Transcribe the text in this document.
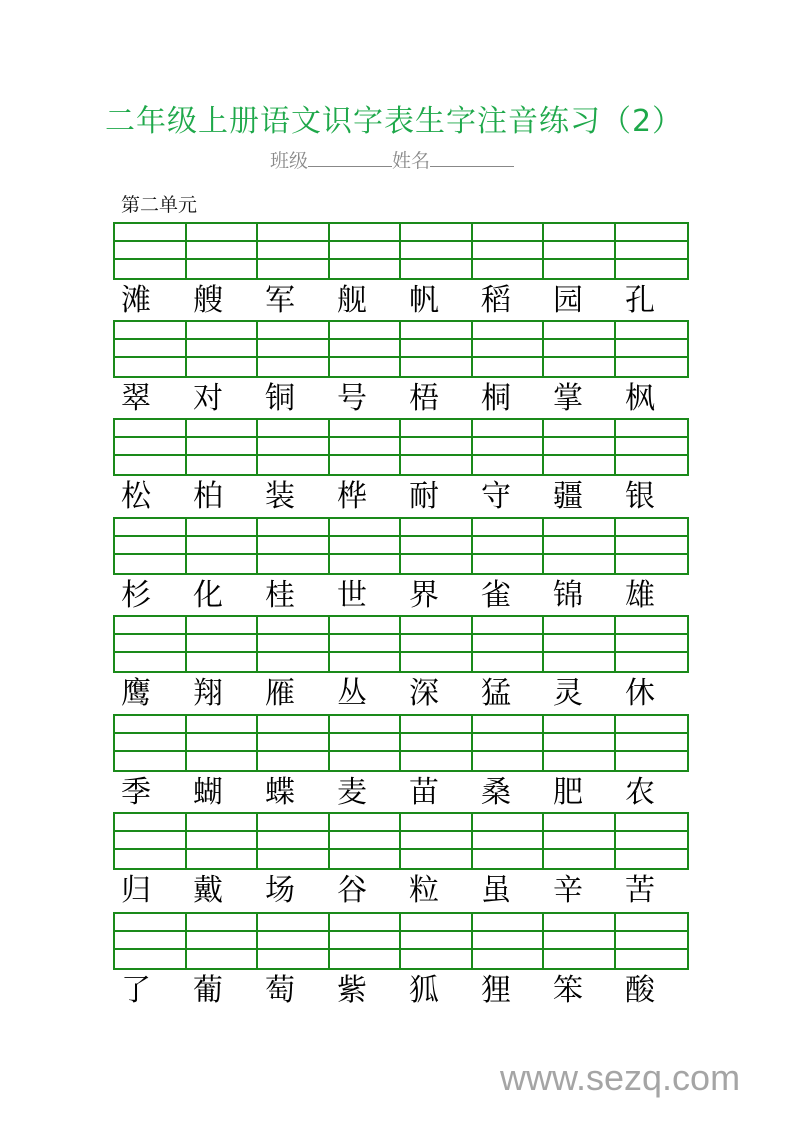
二年级上册语文识字表生字注音练习（2）
班级	姓名
第二单元
滩	艘	军	舰	帆	稻	园	孔
翠	对	铜	号	梧	桐	掌	枫
松	柏	装	桦	耐	守	疆	银
杉	化	桂	世	界	雀	锦	雄
鹰	翔	雁	丛	深	猛	灵	休
季	蝴	蝶	麦	苗	桑	肥	农
归	戴	场	谷	粒	虽	辛	苦
了	葡	萄	紫	狐	狸	笨	酸
www.sezq.com
